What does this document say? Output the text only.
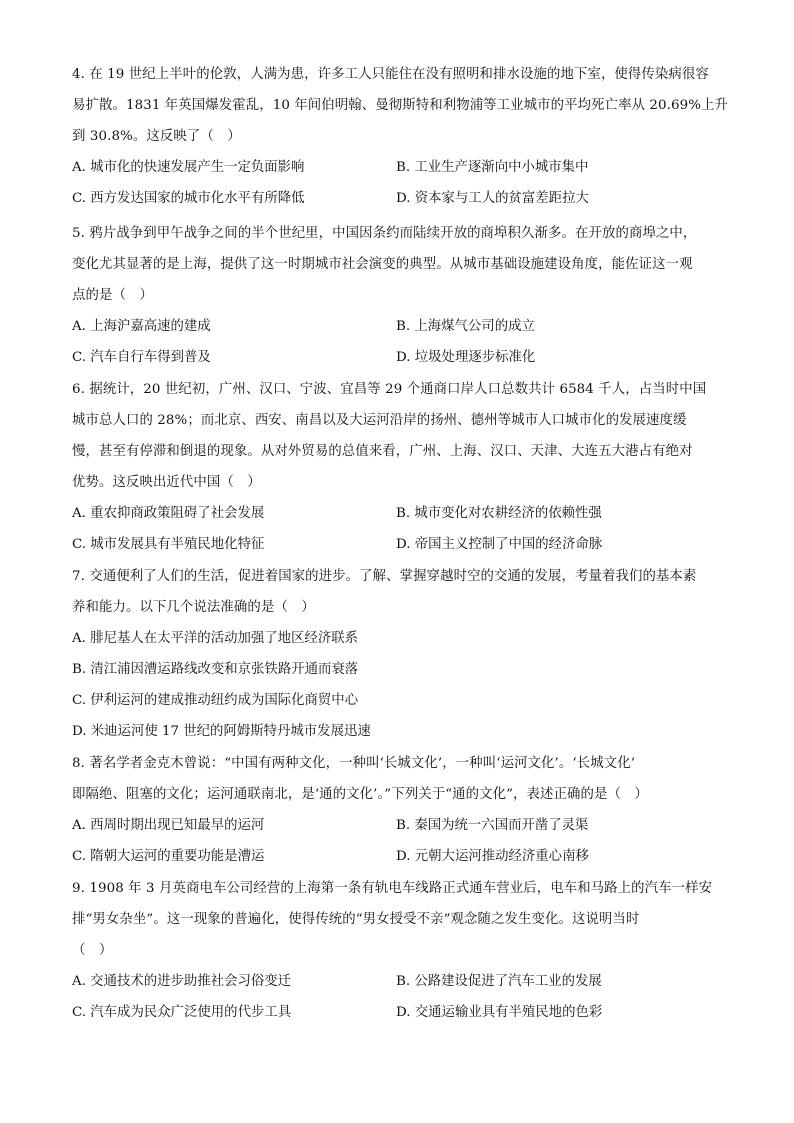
4. 在 19 世纪上半叶的伦敦，人满为患，许多工人只能住在没有照明和排水设施的地下室，使得传染病很容
易扩散。1831 年英国爆发霍乱，10 年间伯明翰、曼彻斯特和利物浦等工业城市的平均死亡率从 20.69%上升
到 30.8%。这反映了（　）
A. 城市化的快速发展产生一定负面影响	B. 工业生产逐渐向中小城市集中
C. 西方发达国家的城市化水平有所降低	D. 资本家与工人的贫富差距拉大
5. 鸦片战争到甲午战争之间的半个世纪里，中国因条约而陆续开放的商埠积久渐多。在开放的商埠之中，
变化尤其显著的是上海，提供了这一时期城市社会演变的典型。从城市基础设施建设角度，能佐证这一观
点的是（　）
A. 上海沪嘉高速的建成	B. 上海煤气公司的成立
C. 汽车自行车得到普及	D. 垃圾处理逐步标准化
6. 据统计，20 世纪初，广州、汉口、宁波、宜昌等 29 个通商口岸人口总数共计 6584 千人，占当时中国
城市总人口的 28%；而北京、西安、南昌以及大运河沿岸的扬州、德州等城市人口城市化的发展速度缓
慢，甚至有停滞和倒退的现象。从对外贸易的总值来看，广州、上海、汉口、天津、大连五大港占有绝对
优势。这反映出近代中国（　）
A. 重农抑商政策阻碍了社会发展	B. 城市变化对农耕经济的依赖性强
C. 城市发展具有半殖民地化特征	D. 帝国主义控制了中国的经济命脉
7. 交通便利了人们的生活，促进着国家的进步。了解、掌握穿越时空的交通的发展，考量着我们的基本素
养和能力。以下几个说法准确的是（　）
A. 腓尼基人在太平洋的活动加强了地区经济联系
B. 清江浦因漕运路线改变和京张铁路开通而衰落
C. 伊利运河的建成推动纽约成为国际化商贸中心
D. 米迪运河使 17 世纪的阿姆斯特丹城市发展迅速
8. 著名学者金克木曾说：“中国有两种文化，一种叫‘长城文化’，一种叫‘运河文化’。‘长城文化’
即隔绝、阻塞的文化；运河通联南北，是‘通的文化’。”下列关于“通的文化”，表述正确的是（　）
A. 西周时期出现已知最早的运河	B. 秦国为统一六国而开凿了灵渠
C. 隋朝大运河的重要功能是漕运	D. 元朝大运河推动经济重心南移
9. 1908 年 3 月英商电车公司经营的上海第一条有轨电车线路正式通车营业后，电车和马路上的汽车一样安
排“男女杂坐”。这一现象的普遍化，使得传统的“男女授受不亲”观念随之发生变化。这说明当时
（　）
A. 交通技术的进步助推社会习俗变迁	B. 公路建设促进了汽车工业的发展
C. 汽车成为民众广泛使用的代步工具	D. 交通运输业具有半殖民地的色彩
